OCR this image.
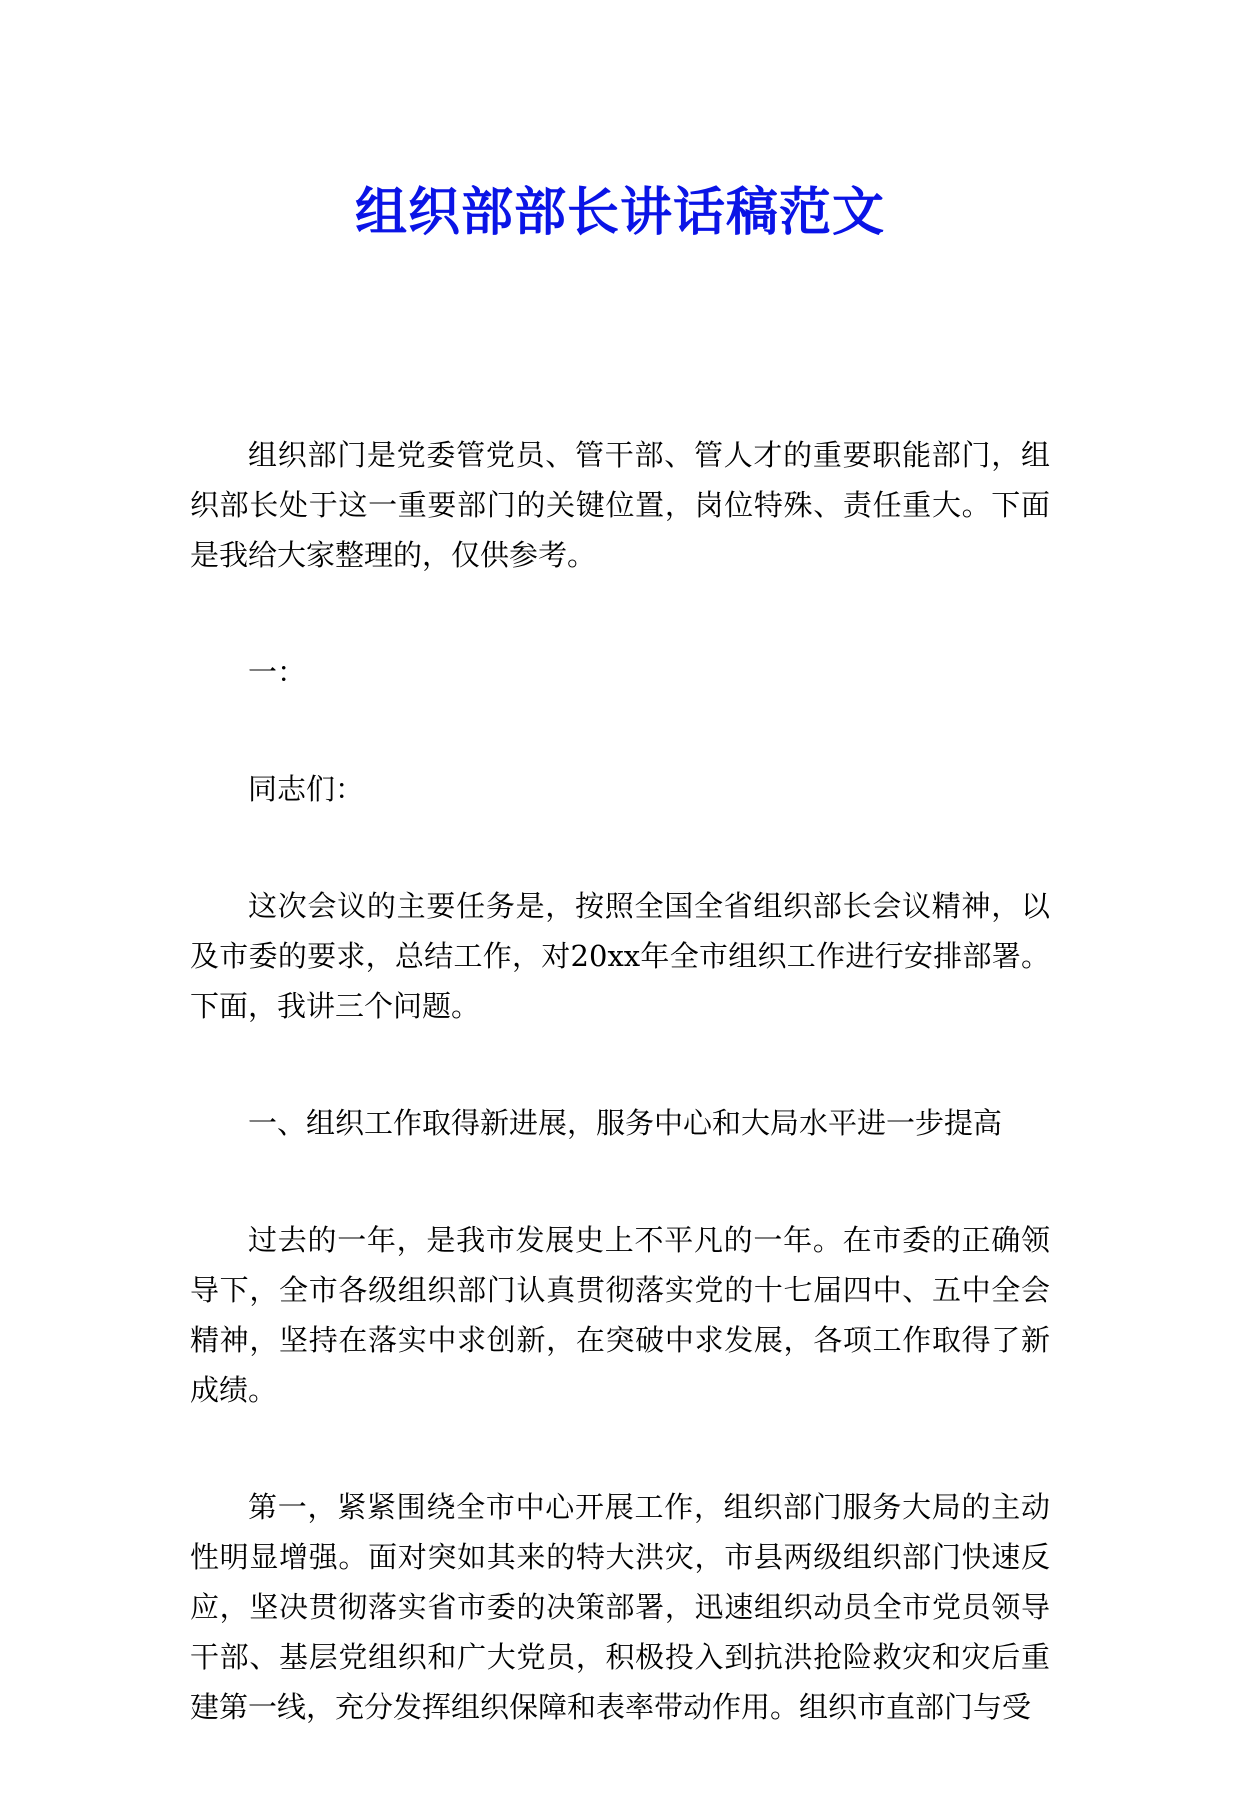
组织部部长讲话稿范文

组织部门是党委管党员、管干部、管人才的重要职能部门，组织部长处于这一重要部门的关键位置，岗位特殊、责任重大。下面是我给大家整理的，仅供参考。

一：

同志们：

这次会议的主要任务是，按照全国全省组织部长会议精神，以及市委的要求，总结工作，对20xx年全市组织工作进行安排部署。下面，我讲三个问题。

一、组织工作取得新进展，服务中心和大局水平进一步提高

过去的一年，是我市发展史上不平凡的一年。在市委的正确领导下，全市各级组织部门认真贯彻落实党的十七届四中、五中全会精神，坚持在落实中求创新，在突破中求发展，各项工作取得了新成绩。

第一，紧紧围绕全市中心开展工作，组织部门服务大局的主动性明显增强。面对突如其来的特大洪灾，市县两级组织部门快速反应，坚决贯彻落实省市委的决策部署，迅速组织动员全市党员领导干部、基层党组织和广大党员，积极投入到抗洪抢险救灾和灾后重建第一线，充分发挥组织保障和表率带动作用。组织市直部门与受
